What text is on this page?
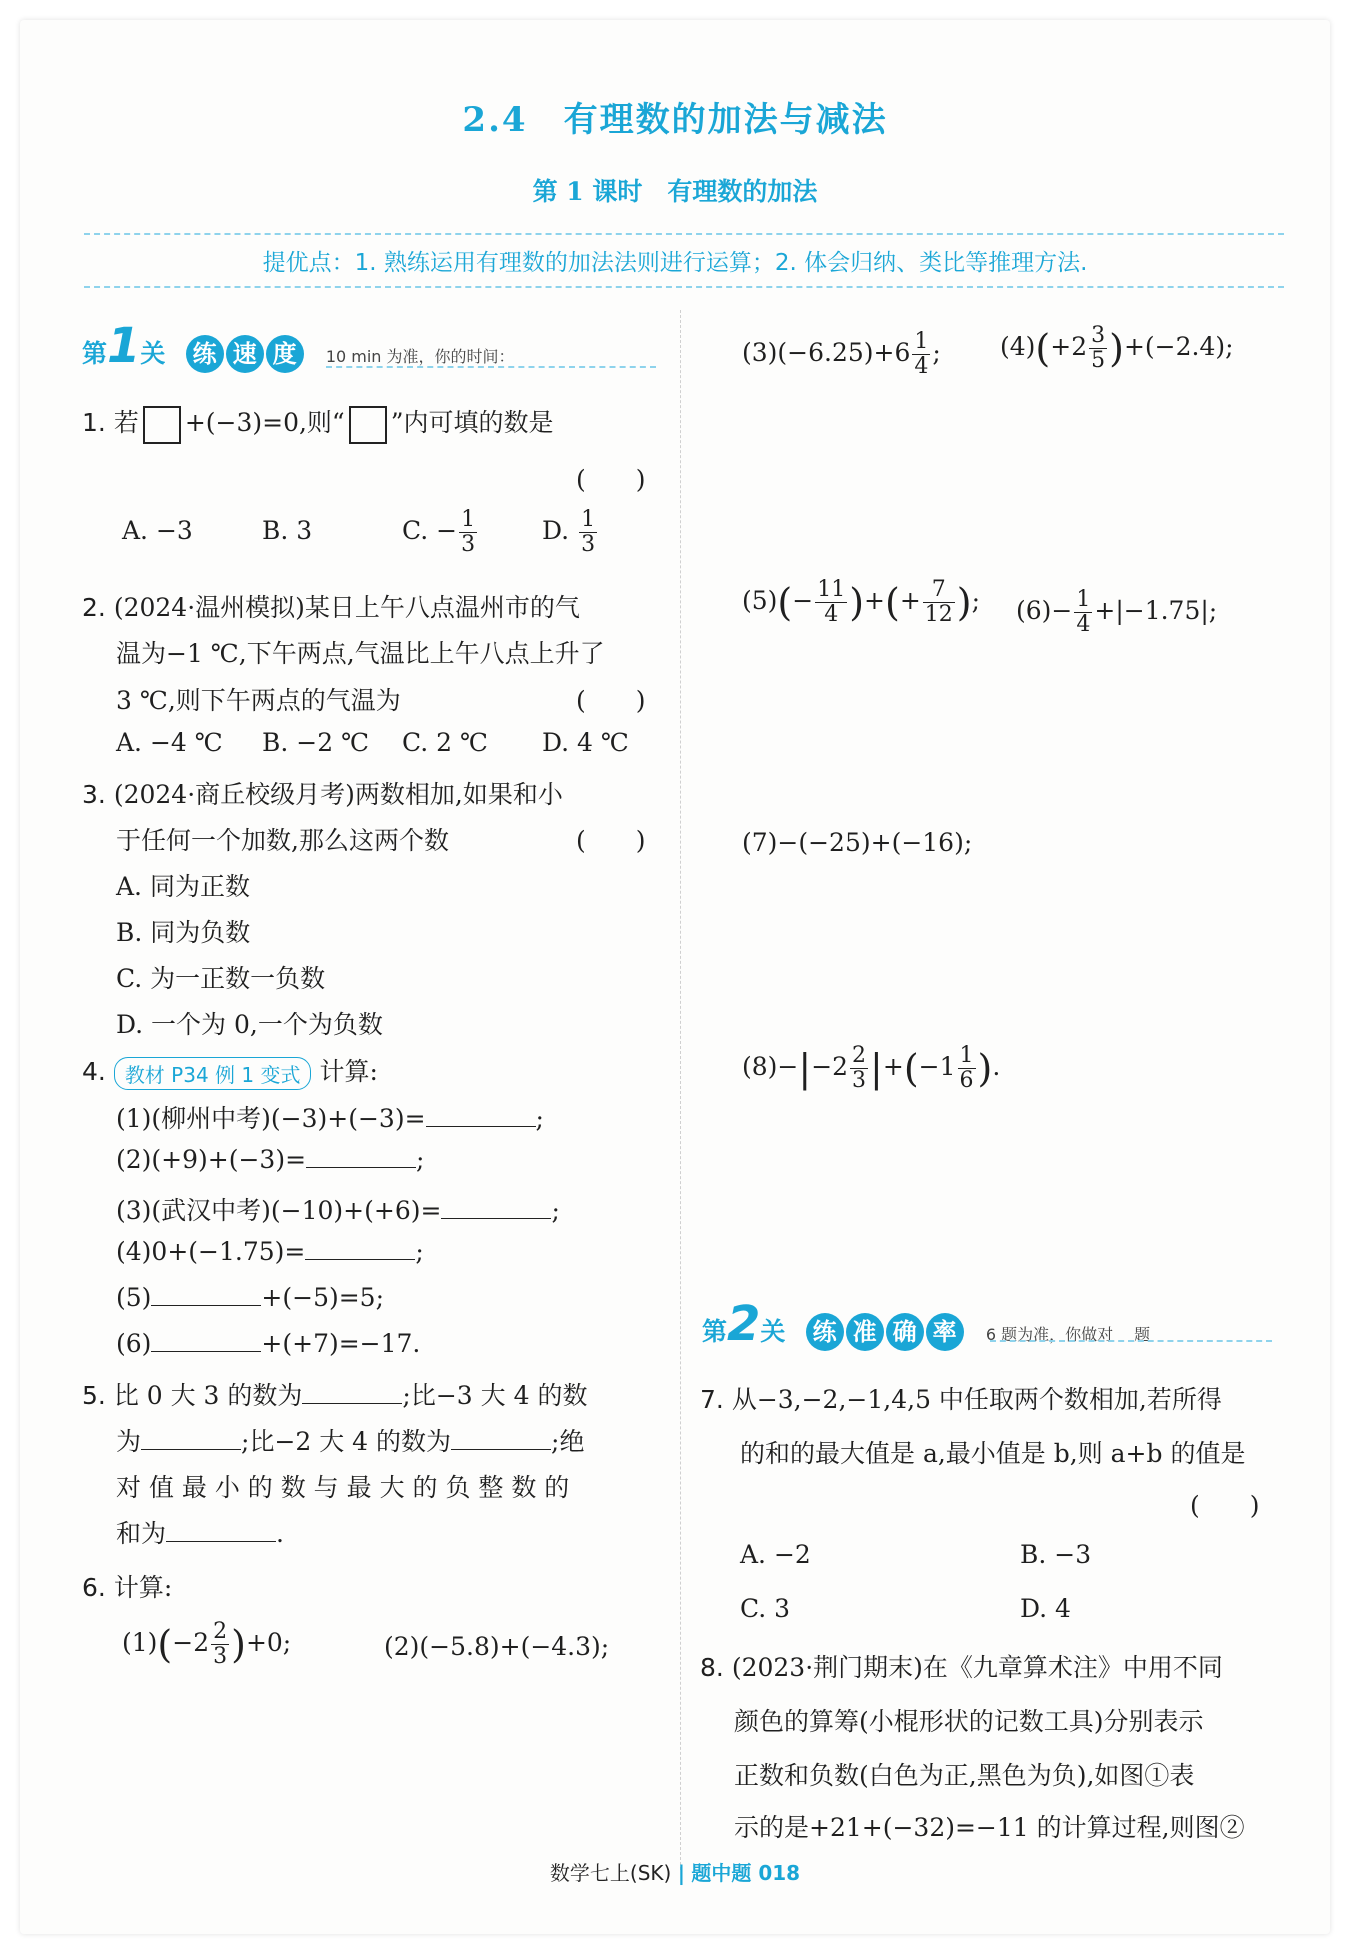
2.4　有理数的加法与减法
第 1 课时　有理数的加法
提优点：1. 熟练运用有理数的加法法则进行运算；2. 体会归纳、类比等推理方法.
第1关 练 速 度 10 min 为准，你的时间：
1. 若 +(−3)=0,则“ ”内可填的数是
(　　)
A. −3	B. 3	C. − $\frac{1}{3}$	D. $\frac{1}{3}$
2. (2024·温州模拟)某日上午八点温州市的气
温为−1 ℃,下午两点,气温比上午八点上升了
3 ℃,则下午两点的气温为	(　　)
A. −4 ℃ B. −2 ℃ C. 2 ℃ D. 4 ℃
3. (2024·商丘校级月考)两数相加,如果和小
于任何一个加数,那么这两个数	(　　)
A. 同为正数
B. 同为负数
C. 为一正数一负数
D. 一个为 0,一个为负数
4. 教材 P34 例 1 变式 计算:
(1)(柳州中考)(−3)+(−3)=	;
(2)(+9)+(−3)=	;
(3)(武汉中考)(−10)+(+6)=	;
(4)0+(−1.75)=	;
(5)	+(−5)=5;
(6)	+(+7)=−17.
5. 比 0 大 3 的数为	;比−3 大 4 的数
为	;比−2 大 4 的数为	;绝
对 值 最 小 的 数 与 最 大 的 负 整 数 的
和为	.
6. 计算:
$(1)(-2 \frac{2}{3} )+0$;	(2)(−5.8)+(−4.3);
$(3)(-6.25)+6 \frac{1}{4}$ ; $(4)(+2 \frac{3}{5} )+(-2.4)$;
$(5)(- \frac{11}{4}$ )+(+ $\frac{7}{12}$ ); $(6)- \frac{1}{4} +|-1.75|$;
(7)−(−25)+(−16);
$(8)-|-2 \frac{2}{3} |+(-1 \frac{1}{6}$ ).
第2关 练 准 确 率 6 题为准，你做对　 题
7. 从−3,−2,−1,4,5 中任取两个数相加,若所得
的和的最大值是 a,最小值是 b,则 a+b 的值是
(　　)
A. −2	B. −3
C. 3	D. 4
8. (2023·荆门期末)在《九章算术注》中用不同
颜色的算筹(小棍形状的记数工具)分别表示
正数和负数(白色为正,黑色为负),如图①表
示的是+21+(−32)=−11 的计算过程,则图②
数学七上(SK) | 题中题 018
